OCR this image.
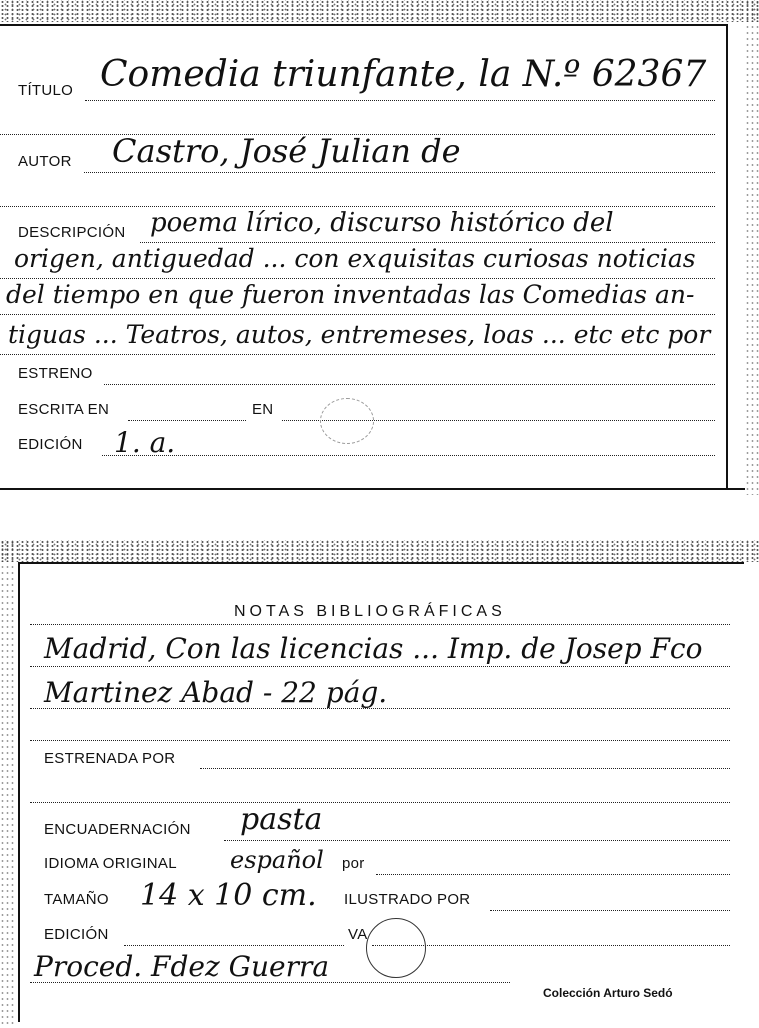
TÍTULO Comedia triunfante, la N.º 62367
AUTOR Castro, José Julian de
DESCRIPCIÓN poema lírico, discurso histórico del
origen, antiguedad ... con exquisitas curiosas noticias
del tiempo en que fueron inventadas las Comedias an-
tiguas ... Teatros, autos, entremeses, loas ... etc etc por
ESTRENO
ESCRITA EN	EN
EDICIÓN 1. a.
NOTAS BIBLIOGRÁFICAS
Madrid, Con las licencias ... Imp. de Josep Fco
Martinez Abad - 22 pág.
ESTRENADA POR
ENCUADERNACIÓN pasta
IDIOMA ORIGINAL español por
TAMAÑO 14 x 10 cm. ILUSTRADO POR
EDICIÓN	VA
Proced. Fdez Guerra
Colección Arturo Sedó
